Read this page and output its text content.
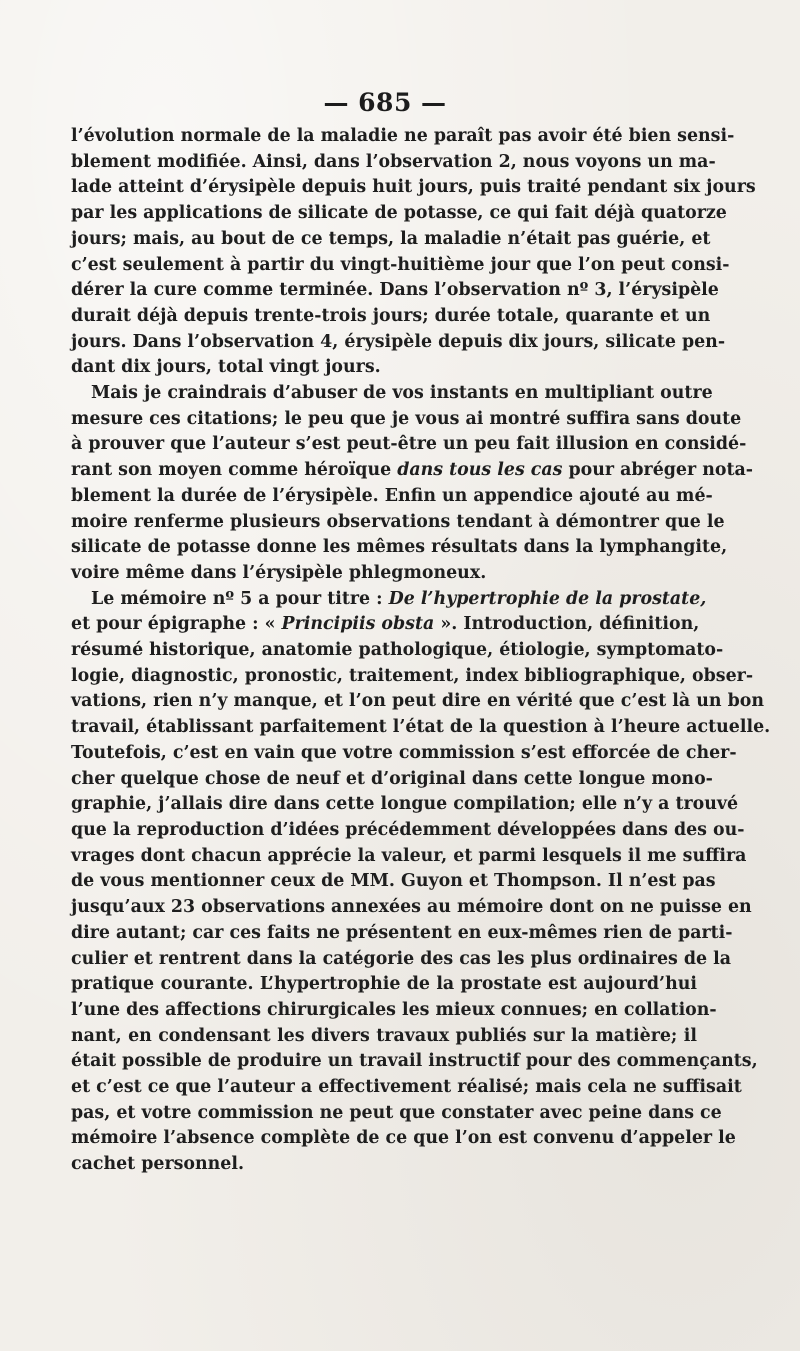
— 685 —

l’évolution normale de la maladie ne paraît pas avoir été bien sensi-
blement modifiée. Ainsi, dans l’observation 2, nous voyons un ma-
lade atteint d’érysipèle depuis huit jours, puis traité pendant six jours
par les applications de silicate de potasse, ce qui fait déjà quatorze
jours; mais, au bout de ce temps, la maladie n’était pas guérie, et
c’est seulement à partir du vingt-huitième jour que l’on peut consi-
dérer la cure comme terminée. Dans l’observation nº 3, l’érysipèle
durait déjà depuis trente-trois jours; durée totale, quarante et un
jours. Dans l’observation 4, érysipèle depuis dix jours, silicate pen-
dant dix jours, total vingt jours.

Mais je craindrais d’abuser de vos instants en multipliant outre
mesure ces citations; le peu que je vous ai montré suffira sans doute
à prouver que l’auteur s’est peut-être un peu fait illusion en considé-
rant son moyen comme héroïque dans tous les cas pour abréger nota-
blement la durée de l’érysipèle. Enfin un appendice ajouté au mé-
moire renferme plusieurs observations tendant à démontrer que le
silicate de potasse donne les mêmes résultats dans la lymphangite,
voire même dans l’érysipèle phlegmoneux.

Le mémoire nº 5 a pour titre : De l’hypertrophie de la prostate,
et pour épigraphe : « Principiis obsta ». Introduction, définition,
résumé historique, anatomie pathologique, étiologie, symptomato-
logie, diagnostic, pronostic, traitement, index bibliographique, obser-
vations, rien n’y manque, et l’on peut dire en vérité que c’est là un bon
travail, établissant parfaitement l’état de la question à l’heure actuelle.
Toutefois, c’est en vain que votre commission s’est efforcée de cher-
cher quelque chose de neuf et d’original dans cette longue mono-
graphie, j’allais dire dans cette longue compilation; elle n’y a trouvé
que la reproduction d’idées précédemment développées dans des ou-
vrages dont chacun apprécie la valeur, et parmi lesquels il me suffira
de vous mentionner ceux de MM. Guyon et Thompson. Il n’est pas
jusqu’aux 23 observations annexées au mémoire dont on ne puisse en
dire autant; car ces faits ne présentent en eux-mêmes rien de parti-
culier et rentrent dans la catégorie des cas les plus ordinaires de la
pratique courante. L’hypertrophie de la prostate est aujourd’hui
l’une des affections chirurgicales les mieux connues; en collation-
nant, en condensant les divers travaux publiés sur la matière; il
était possible de produire un travail instructif pour des commençants,
et c’est ce que l’auteur a effectivement réalisé; mais cela ne suffisait
pas, et votre commission ne peut que constater avec peine dans ce
mémoire l’absence complète de ce que l’on est convenu d’appeler le
cachet personnel.
